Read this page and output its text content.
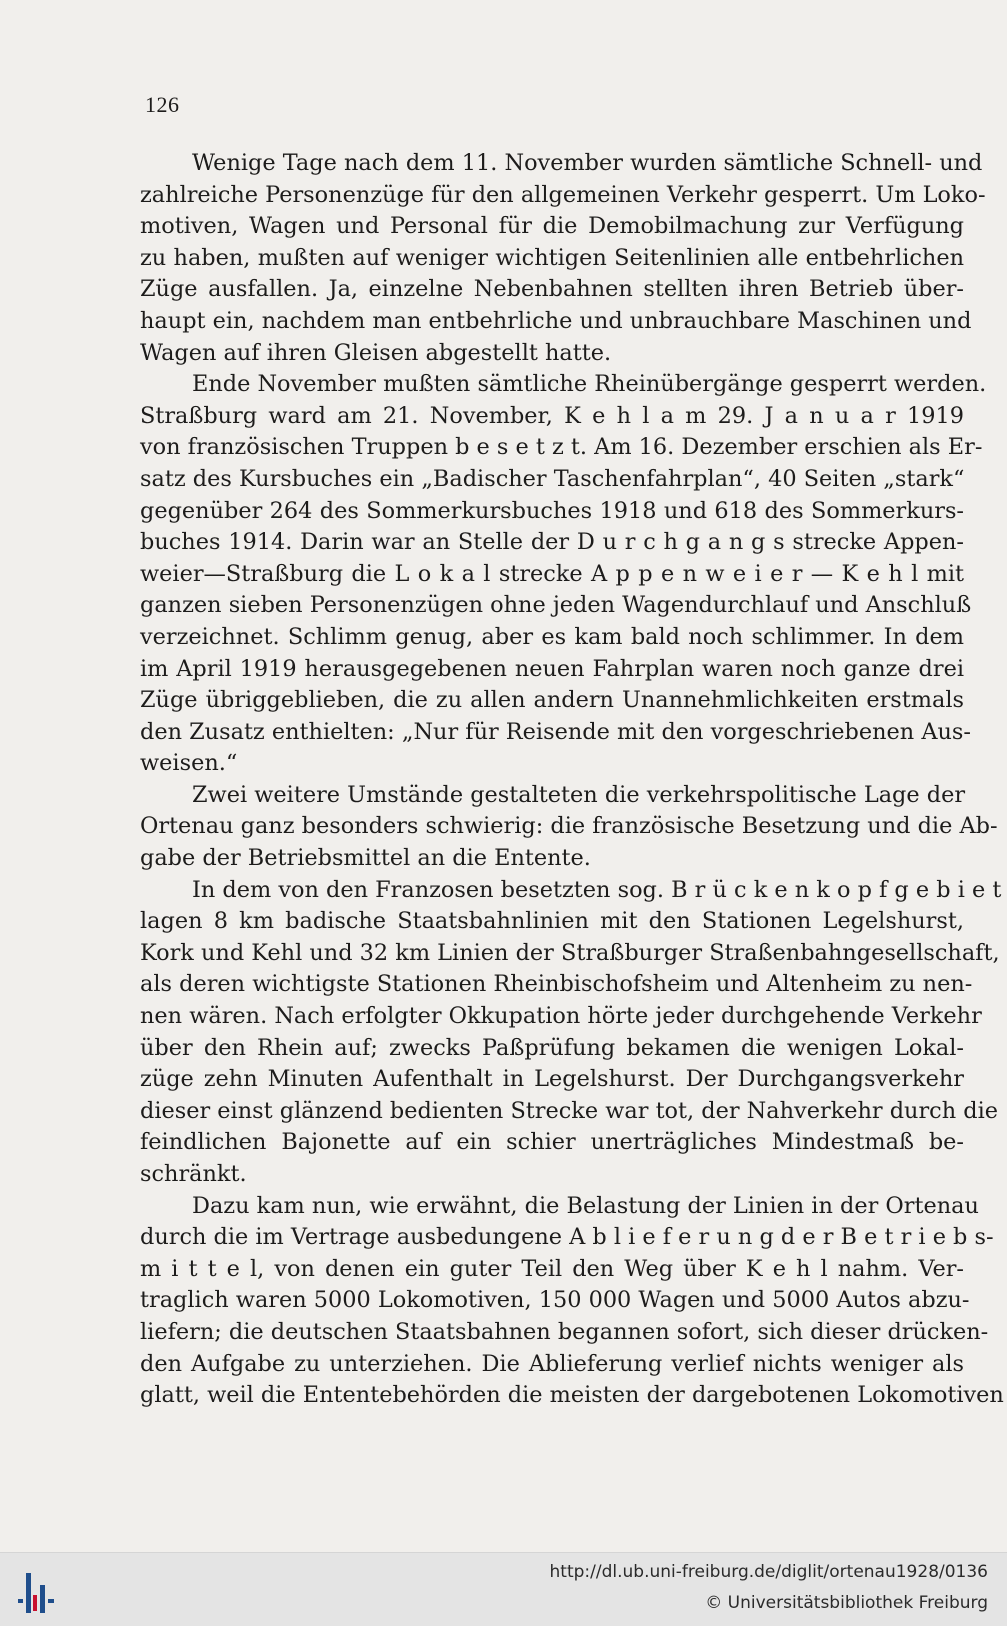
126
Wenige Tage nach dem 11. November wurden sämtliche Schnell- und
zahlreiche Personenzüge für den allgemeinen Verkehr gesperrt. Um Loko-
motiven, Wagen und Personal für die Demobilmachung zur Verfügung
zu haben, mußten auf weniger wichtigen Seitenlinien alle entbehrlichen
Züge ausfallen. Ja, einzelne Nebenbahnen stellten ihren Betrieb über-
haupt ein, nachdem man entbehrliche und unbrauchbare Maschinen und
Wagen auf ihren Gleisen abgestellt hatte.
Ende November mußten sämtliche Rheinübergänge gesperrt werden.
Straßburg ward am 21. November, K e h l a m 29. J a n u a r 1919
von französischen Truppen b e s e t z t. Am 16. Dezember erschien als Er-
satz des Kursbuches ein „Badischer Taschenfahrplan“, 40 Seiten „stark“
gegenüber 264 des Sommerkursbuches 1918 und 618 des Sommerkurs-
buches 1914. Darin war an Stelle der D u r c h g a n g s strecke Appen-
weier—Straßburg die L o k a l strecke A p p e n w e i e r — K e h l mit
ganzen sieben Personenzügen ohne jeden Wagendurchlauf und Anschluß
verzeichnet. Schlimm genug, aber es kam bald noch schlimmer. In dem
im April 1919 herausgegebenen neuen Fahrplan waren noch ganze drei
Züge übriggeblieben, die zu allen andern Unannehmlichkeiten erstmals
den Zusatz enthielten: „Nur für Reisende mit den vorgeschriebenen Aus-
weisen.“
Zwei weitere Umstände gestalteten die verkehrspolitische Lage der
Ortenau ganz besonders schwierig: die französische Besetzung und die Ab-
gabe der Betriebsmittel an die Entente.
In dem von den Franzosen besetzten sog. B r ü c k e n k o p f g e b i e t
lagen 8 km badische Staatsbahnlinien mit den Stationen Legelshurst,
Kork und Kehl und 32 km Linien der Straßburger Straßenbahngesellschaft,
als deren wichtigste Stationen Rheinbischofsheim und Altenheim zu nen-
nen wären. Nach erfolgter Okkupation hörte jeder durchgehende Verkehr
über den Rhein auf; zwecks Paßprüfung bekamen die wenigen Lokal-
züge zehn Minuten Aufenthalt in Legelshurst. Der Durchgangsverkehr
dieser einst glänzend bedienten Strecke war tot, der Nahverkehr durch die
feindlichen Bajonette auf ein schier unerträgliches Mindestmaß be-
schränkt.
Dazu kam nun, wie erwähnt, die Belastung der Linien in der Ortenau
durch die im Vertrage ausbedungene A b l i e f e r u n g d e r B e t r i e b s-
m i t t e l, von denen ein guter Teil den Weg über K e h l nahm. Ver-
traglich waren 5000 Lokomotiven, 150 000 Wagen und 5000 Autos abzu-
liefern; die deutschen Staatsbahnen begannen sofort, sich dieser drücken-
den Aufgabe zu unterziehen. Die Ablieferung verlief nichts weniger als
glatt, weil die Ententebehörden die meisten der dargebotenen Lokomotiven
http://dl.ub.uni-freiburg.de/diglit/ortenau1928/0136
© Universitätsbibliothek Freiburg
